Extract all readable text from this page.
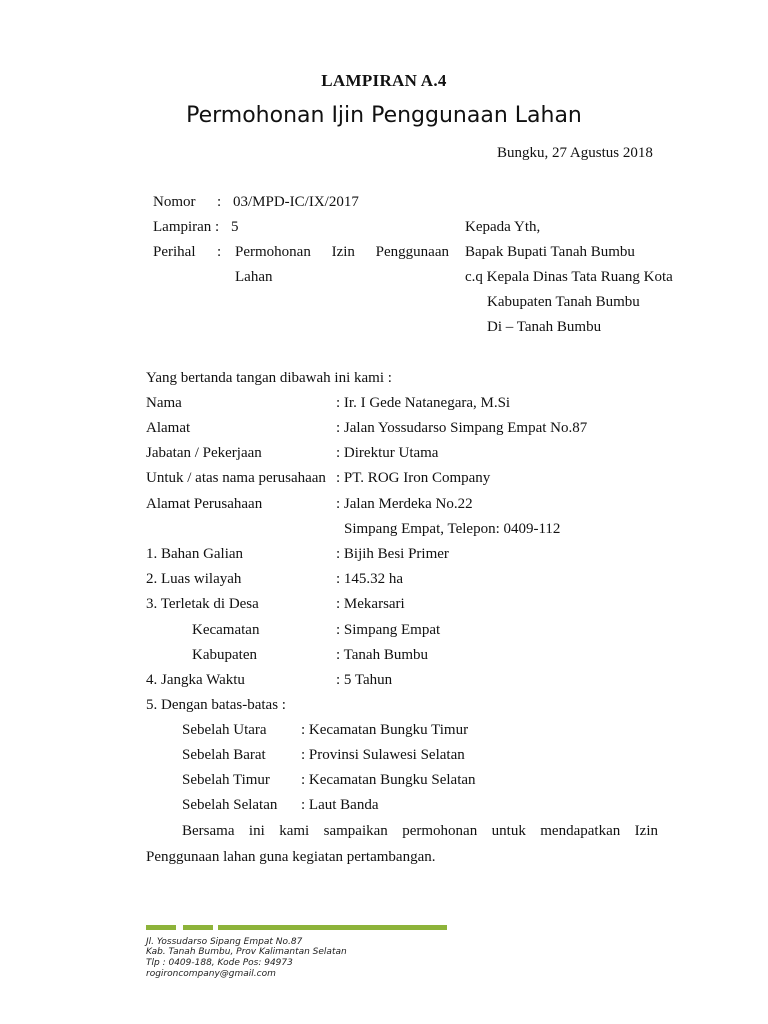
LAMPIRAN A.4
Permohonan Ijin Penggunaan Lahan
Bungku, 27 Agustus 2018
Nomor : 03/MPD-IC/IX/2017
Lampiran : 5
Perihal : Permohonan Izin Penggunaan
Lahan
Kepada Yth,
Bapak Bupati Tanah Bumbu
c.q Kepala Dinas Tata Ruang Kota
Kabupaten Tanah Bumbu
Di – Tanah Bumbu
Yang bertanda tangan dibawah ini kami :
Nama	: Ir. I Gede Natanegara, M.Si
Alamat	: Jalan Yossudarso Simpang Empat No.87
Jabatan / Pekerjaan	: Direktur Utama
Untuk / atas nama perusahaan : PT. ROG Iron Company
Alamat Perusahaan	: Jalan Merdeka No.22
Simpang Empat, Telepon: 0409-112
1. Bahan Galian	: Bijih Besi Primer
2. Luas wilayah	: 145.32 ha
3. Terletak di Desa	: Mekarsari
Kecamatan	: Simpang Empat
Kabupaten	: Tanah Bumbu
4. Jangka Waktu	: 5 Tahun
5. Dengan batas-batas :
Sebelah Utara : Kecamatan Bungku Timur
Sebelah Barat : Provinsi Sulawesi Selatan
Sebelah Timur : Kecamatan Bungku Selatan
Sebelah Selatan : Laut Banda
Bersama ini kami sampaikan permohonan untuk mendapatkan Izin
Penggunaan lahan guna kegiatan pertambangan.
Jl. Yossudarso Sipang Empat No.87
Kab. Tanah Bumbu, Prov Kalimantan Selatan
Tlp : 0409-188, Kode Pos: 94973
rogironcompany@gmail.com
